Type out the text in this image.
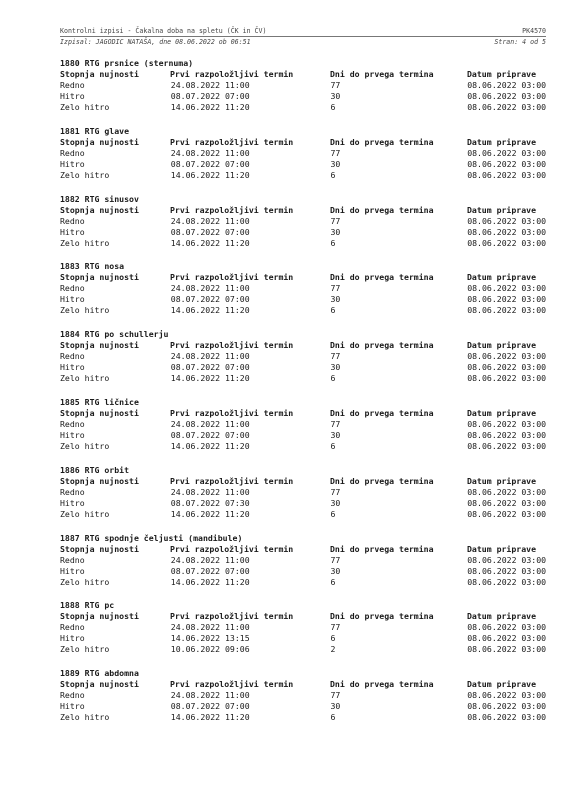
Kontrolni izpisi - Čakalna doba na spletu (ČK in ČV)	PK4570
Izpisal: JAGODIC NATAŠA, dne 08.06.2022 ob 06:51	Stran: 4 od 5
1880 RTG prsnice (sternuma)
Stopnja nujnosti	Prvi razpoložljivi termin	Dni do prvega termina	Datum priprave
Redno	24.08.2022 11:00	77	08.06.2022 03:00
Hitro	08.07.2022 07:00	30	08.06.2022 03:00
Zelo hitro	14.06.2022 11:20	6	08.06.2022 03:00
1881 RTG glave
Stopnja nujnosti	Prvi razpoložljivi termin	Dni do prvega termina	Datum priprave
Redno	24.08.2022 11:00	77	08.06.2022 03:00
Hitro	08.07.2022 07:00	30	08.06.2022 03:00
Zelo hitro	14.06.2022 11:20	6	08.06.2022 03:00
1882 RTG sinusov
Stopnja nujnosti	Prvi razpoložljivi termin	Dni do prvega termina	Datum priprave
Redno	24.08.2022 11:00	77	08.06.2022 03:00
Hitro	08.07.2022 07:00	30	08.06.2022 03:00
Zelo hitro	14.06.2022 11:20	6	08.06.2022 03:00
1883 RTG nosa
Stopnja nujnosti	Prvi razpoložljivi termin	Dni do prvega termina	Datum priprave
Redno	24.08.2022 11:00	77	08.06.2022 03:00
Hitro	08.07.2022 07:00	30	08.06.2022 03:00
Zelo hitro	14.06.2022 11:20	6	08.06.2022 03:00
1884 RTG po schullerju
Stopnja nujnosti	Prvi razpoložljivi termin	Dni do prvega termina	Datum priprave
Redno	24.08.2022 11:00	77	08.06.2022 03:00
Hitro	08.07.2022 07:00	30	08.06.2022 03:00
Zelo hitro	14.06.2022 11:20	6	08.06.2022 03:00
1885 RTG ličnice
Stopnja nujnosti	Prvi razpoložljivi termin	Dni do prvega termina	Datum priprave
Redno	24.08.2022 11:00	77	08.06.2022 03:00
Hitro	08.07.2022 07:00	30	08.06.2022 03:00
Zelo hitro	14.06.2022 11:20	6	08.06.2022 03:00
1886 RTG orbit
Stopnja nujnosti	Prvi razpoložljivi termin	Dni do prvega termina	Datum priprave
Redno	24.08.2022 11:00	77	08.06.2022 03:00
Hitro	08.07.2022 07:30	30	08.06.2022 03:00
Zelo hitro	14.06.2022 11:20	6	08.06.2022 03:00
1887 RTG spodnje čeljusti (mandibule)
Stopnja nujnosti	Prvi razpoložljivi termin	Dni do prvega termina	Datum priprave
Redno	24.08.2022 11:00	77	08.06.2022 03:00
Hitro	08.07.2022 07:00	30	08.06.2022 03:00
Zelo hitro	14.06.2022 11:20	6	08.06.2022 03:00
1888 RTG pc
Stopnja nujnosti	Prvi razpoložljivi termin	Dni do prvega termina	Datum priprave
Redno	24.08.2022 11:00	77	08.06.2022 03:00
Hitro	14.06.2022 13:15	6	08.06.2022 03:00
Zelo hitro	10.06.2022 09:06	2	08.06.2022 03:00
1889 RTG abdomna
Stopnja nujnosti	Prvi razpoložljivi termin	Dni do prvega termina	Datum priprave
Redno	24.08.2022 11:00	77	08.06.2022 03:00
Hitro	08.07.2022 07:00	30	08.06.2022 03:00
Zelo hitro	14.06.2022 11:20	6	08.06.2022 03:00
